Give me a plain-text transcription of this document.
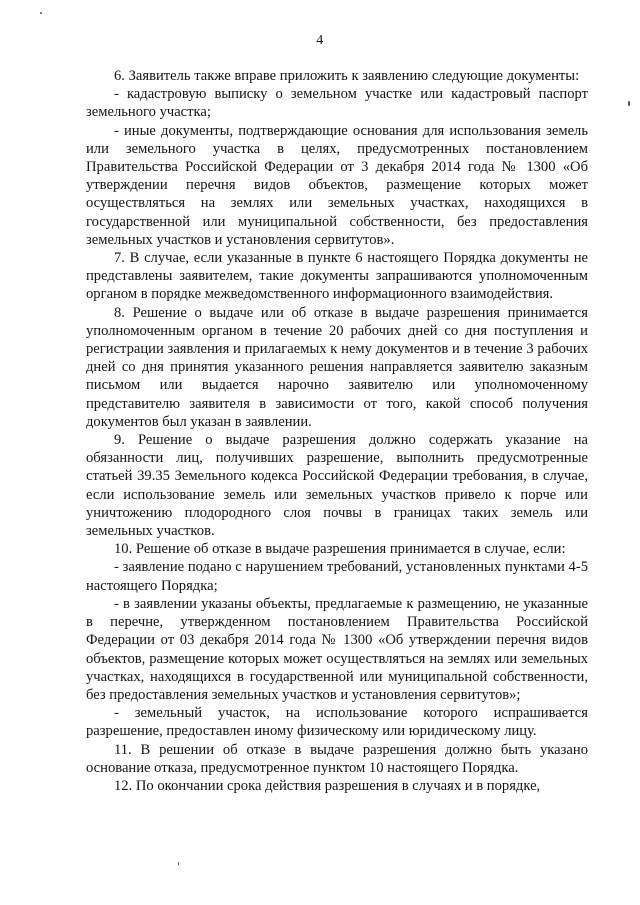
4

6. Заявитель также вправе приложить к заявлению следующие документы:

- кадастровую выписку о земельном участке или кадастровый паспорт земельного участка;

- иные документы, подтверждающие основания для использования земель или земельного участка в целях, предусмотренных постановлением Правительства Российской Федерации от 3 декабря 2014 года № 1300 «Об утверждении перечня видов объектов, размещение которых может осуществляться на землях или земельных участках, находящихся в государственной или муниципальной собственности, без предоставления земельных участков и установления сервитутов».

7. В случае, если указанные в пункте 6 настоящего Порядка документы не представлены заявителем, такие документы запрашиваются уполномоченным органом в порядке межведомственного информационного взаимодействия.

8. Решение о выдаче или об отказе в выдаче разрешения принимается уполномоченным органом в течение 20 рабочих дней со дня поступления и регистрации заявления и прилагаемых к нему документов и в течение 3 рабочих дней со дня принятия указанного решения направляется заявителю заказным письмом или выдается нарочно заявителю или уполномоченному представителю заявителя в зависимости от того, какой способ получения документов был указан в заявлении.

9. Решение о выдаче разрешения должно содержать указание на обязанности лиц, получивших разрешение, выполнить предусмотренные статьей 39.35 Земельного кодекса Российской Федерации требования, в случае, если использование земель или земельных участков привело к порче или уничтожению плодородного слоя почвы в границах таких земель или земельных участков.

10. Решение об отказе в выдаче разрешения принимается в случае, если:

- заявление подано с нарушением требований, установленных пунктами 4-5 настоящего Порядка;

- в заявлении указаны объекты, предлагаемые к размещению, не указанные в перечне, утвержденном постановлением Правительства Российской Федерации от 03 декабря 2014 года № 1300 «Об утверждении перечня видов объектов, размещение которых может осуществляться на землях или земельных участках, находящихся в государственной или муниципальной собственности, без предоставления земельных участков и установления сервитутов»;

- земельный участок, на использование которого испрашивается разрешение, предоставлен иному физическому или юридическому лицу.

11. В решении об отказе в выдаче разрешения должно быть указано основание отказа, предусмотренное пунктом 10 настоящего Порядка.

12. По окончании срока действия разрешения в случаях и в порядке,
